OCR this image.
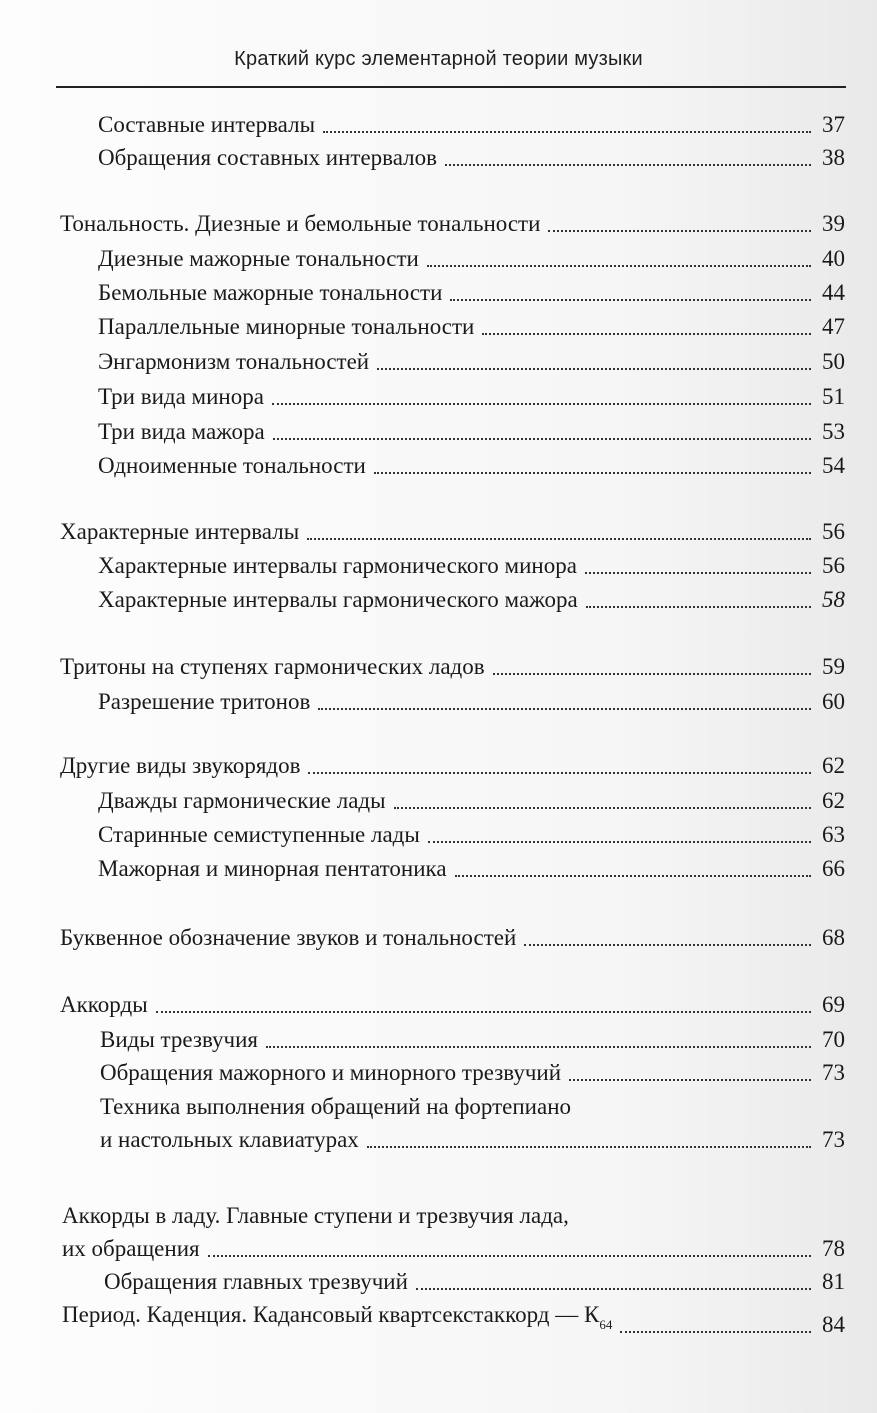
Краткий курс элементарной теории музыки
Составные интервалы	37
Обращения составных интервалов	38
Тональность. Диезные и бемольные тональности	39
Диезные мажорные тональности	40
Бемольные мажорные тональности	44
Параллельные минорные тональности	47
Энгармонизм тональностей	50
Три вида минора	51
Три вида мажора	53
Одноименные тональности	54
Характерные интервалы	56
Характерные интервалы гармонического минора	56
Характерные интервалы гармонического мажора	58
Тритоны на ступенях гармонических ладов	59
Разрешение тритонов	60
Другие виды звукорядов	62
Дважды гармонические лады	62
Старинные семиступенные лады	63
Мажорная и минорная пентатоника	66
Буквенное обозначение звуков и тональностей	68
Аккорды	69
Виды трезвучия	70
Обращения мажорного и минорного трезвучий	73
Техника выполнения обращений на фортепиано
и настольных клавиатурах	73
Аккорды в ладу. Главные ступени и трезвучия лада,
их обращения	78
Обращения главных трезвучий	81
Период. Каденция. Кадансовый квартсекстаккорд — $К_{64}$	84
